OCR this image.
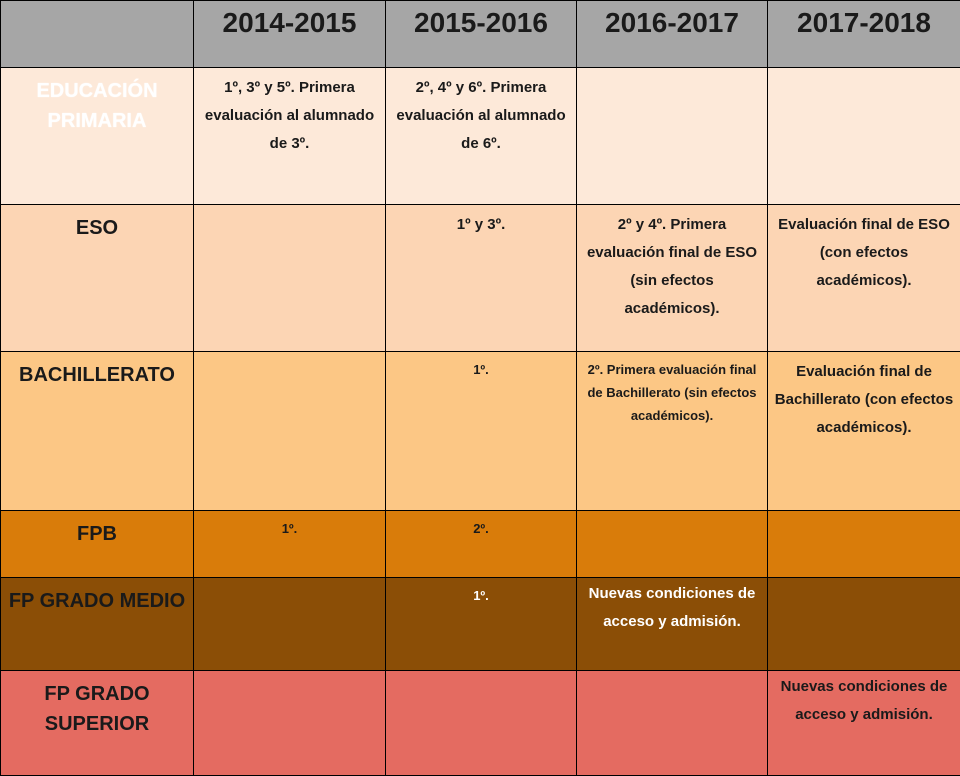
	2014-2015	2015-2016	2016-2017	2017-2018
EDUCACIÓN PRIMARIA	1º, 3º y 5º. Primera evaluación al alumnado de 3º.	2º, 4º y 6º. Primera evaluación al alumnado de 6º.		
ESO		1º y 3º.	2º y 4º. Primera evaluación final de ESO (sin efectos académicos).	Evaluación final de ESO (con efectos académicos).
BACHILLERATO		1º.	2º. Primera evaluación final de Bachillerato (sin efectos académicos).	Evaluación final de Bachillerato (con efectos académicos).
FPB	1º.	2º.		
FP GRADO MEDIO		1º.	Nuevas condiciones de acceso y admisión.	
FP GRADO SUPERIOR				Nuevas condiciones de acceso y admisión.
